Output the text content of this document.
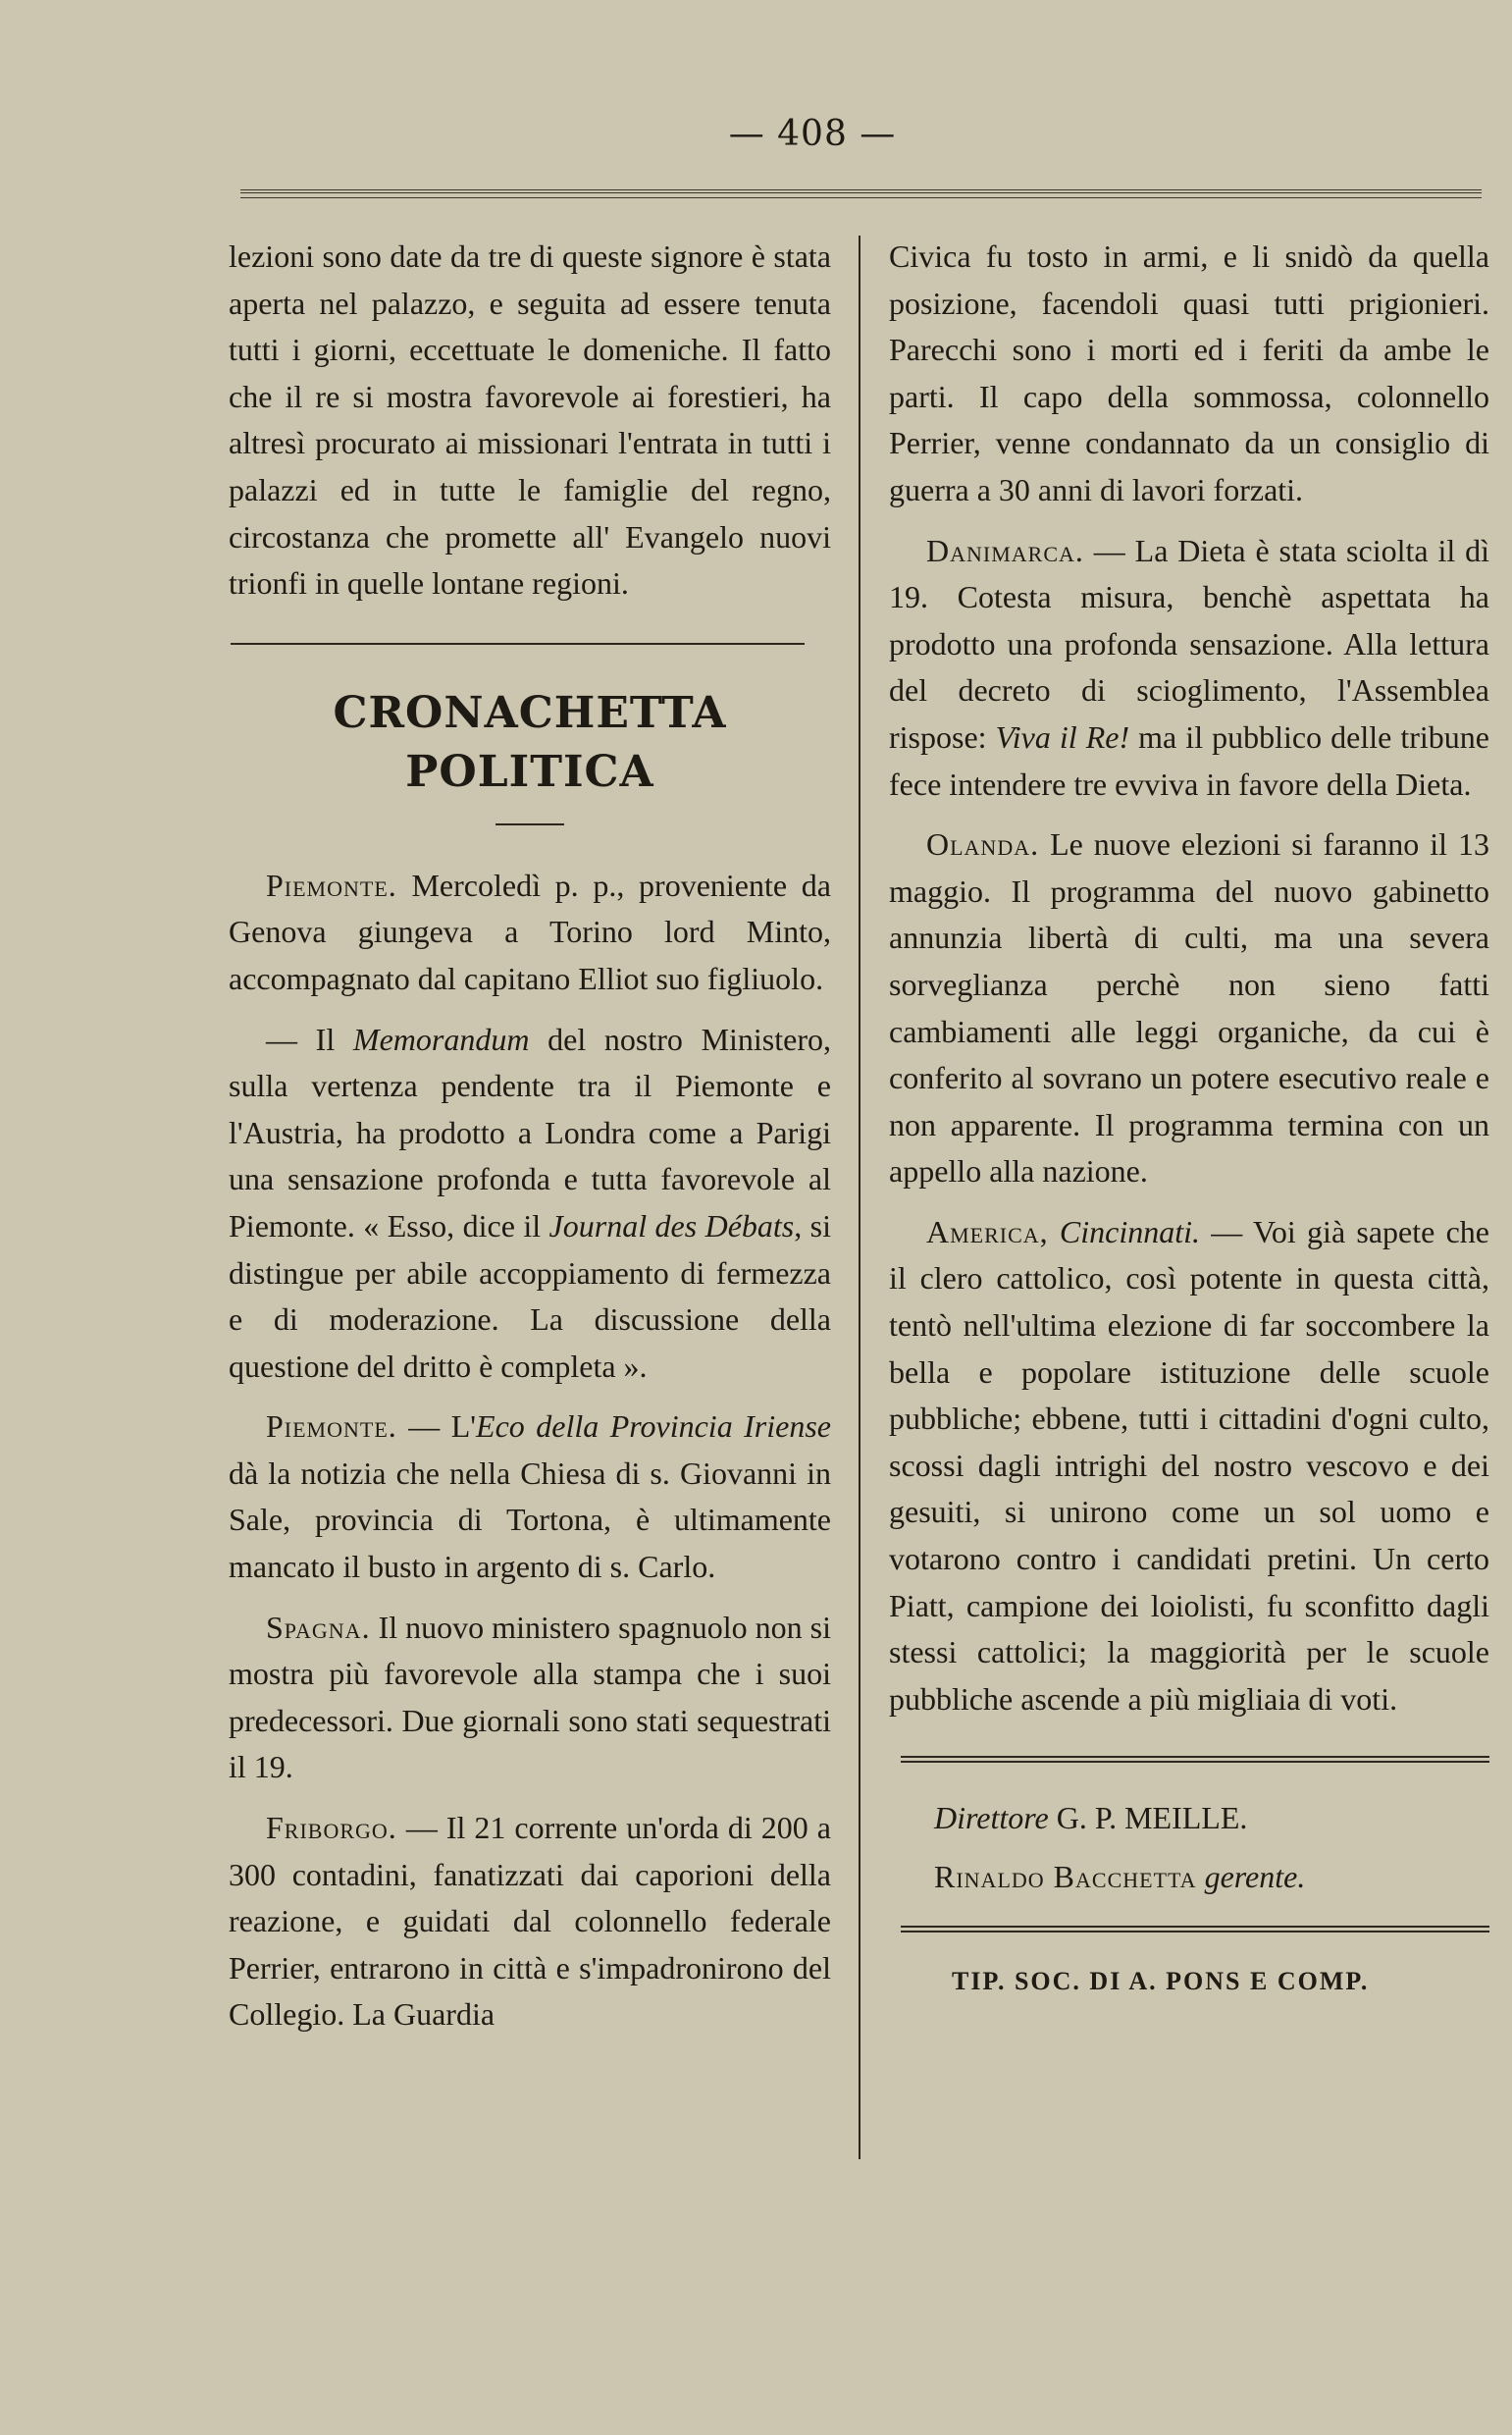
— 408 —

lezioni sono date da tre di queste signore è stata aperta nel palazzo, e seguita ad essere tenuta tutti i giorni, eccettuate le domeniche. Il fatto che il re si mostra favorevole ai forestieri, ha altresì procurato ai missionari l'entrata in tutti i palazzi ed in tutte le famiglie del regno, circostanza che promette all' Evangelo nuovi trionfi in quelle lontane regioni.

CRONACHETTA POLITICA

Piemonte. Mercoledì p. p., proveniente da Genova giungeva a Torino lord Minto, accompagnato dal capitano Elliot suo figliuolo.

— Il Memorandum del nostro Ministero, sulla vertenza pendente tra il Piemonte e l'Austria, ha prodotto a Londra come a Parigi una sensazione profonda e tutta favorevole al Piemonte. « Esso, dice il Journal des Débats, si distingue per abile accoppiamento di fermezza e di moderazione. La discussione della questione del dritto è completa ».

Piemonte. — L'Eco della Provincia Iriense dà la notizia che nella Chiesa di s. Giovanni in Sale, provincia di Tortona, è ultimamente mancato il busto in argento di s. Carlo.

Spagna. Il nuovo ministero spagnuolo non si mostra più favorevole alla stampa che i suoi predecessori. Due giornali sono stati sequestrati il 19.

Friborgo. — Il 21 corrente un'orda di 200 a 300 contadini, fanatizzati dai caporioni della reazione, e guidati dal colonnello federale Perrier, entrarono in città e s'impadronirono del Collegio. La Guardia

Civica fu tosto in armi, e li snidò da quella posizione, facendoli quasi tutti prigionieri. Parecchi sono i morti ed i feriti da ambe le parti. Il capo della sommossa, colonnello Perrier, venne condannato da un consiglio di guerra a 30 anni di lavori forzati.

Danimarca. — La Dieta è stata sciolta il dì 19. Cotesta misura, benchè aspettata ha prodotto una profonda sensazione. Alla lettura del decreto di scioglimento, l'Assemblea rispose: Viva il Re! ma il pubblico delle tribune fece intendere tre evviva in favore della Dieta.

Olanda. Le nuove elezioni si faranno il 13 maggio. Il programma del nuovo gabinetto annunzia libertà di culti, ma una severa sorveglianza perchè non sieno fatti cambiamenti alle leggi organiche, da cui è conferito al sovrano un potere esecutivo reale e non apparente. Il programma termina con un appello alla nazione.

America, Cincinnati. — Voi già sapete che il clero cattolico, così potente in questa città, tentò nell'ultima elezione di far soccombere la bella e popolare istituzione delle scuole pubbliche; ebbene, tutti i cittadini d'ogni culto, scossi dagli intrighi del nostro vescovo e dei gesuiti, si unirono come un sol uomo e votarono contro i candidati pretini. Un certo Piatt, campione dei loiolisti, fu sconfitto dagli stessi cattolici; la maggiorità per le scuole pubbliche ascende a più migliaia di voti.

Direttore G. P. MEILLE.
Rinaldo Bacchetta gerente.
TIP. SOC. DI A. PONS E COMP.
